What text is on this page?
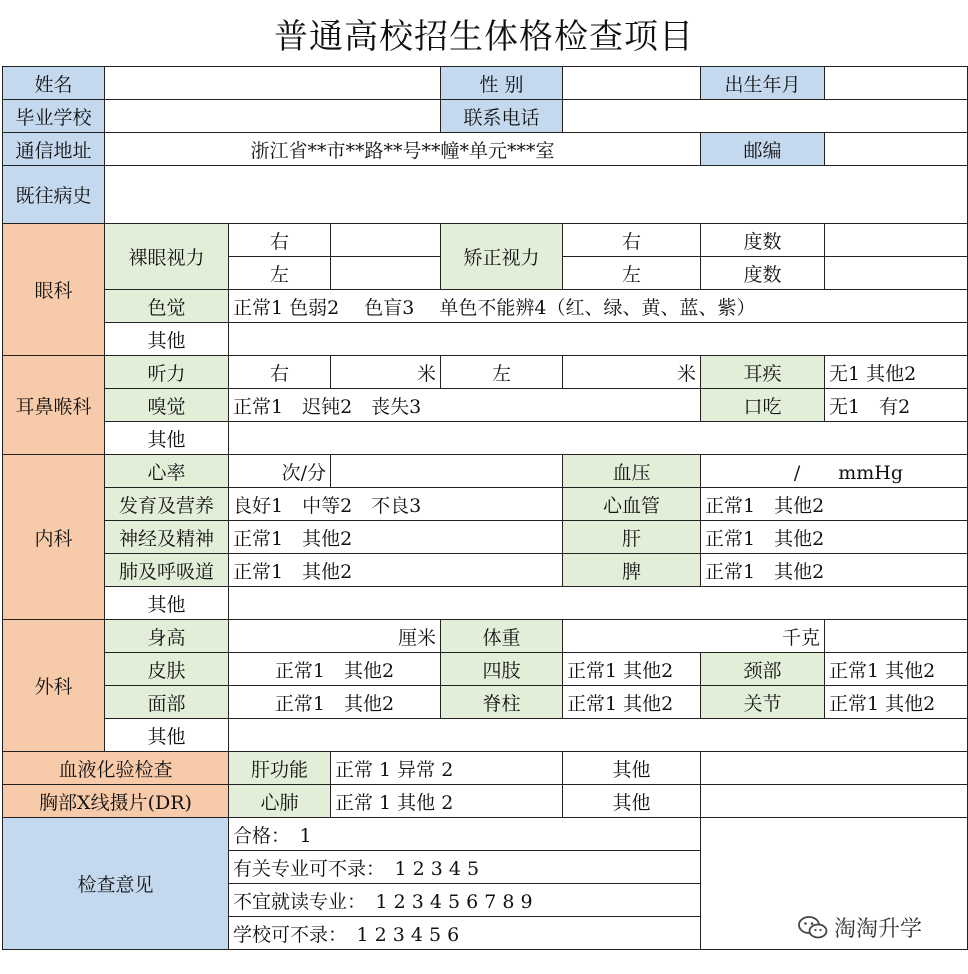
普通高校招生体格检查项目
姓名				性 别		出生年月	
毕业学校				联系电话			
通信地址	浙江省**市**路**号**幢*单元***室					邮编	
既往病史							
眼科	裸眼视力	右		矫正视力	右	度数	
		左			左	度数	
	色觉	正常1 色弱2　 色盲3　 单色不能辨4（红、绿、黄、蓝、紫）					
	其他						
耳鼻喉科	听力	右	米	左	米	耳疾	无1 其他2
	嗅觉	正常1　迟钝2　丧失3				口吃	无1　有2
	其他						
内科	心率	次/分			血压	/　　mmHg	
	发育及营养	良好1　中等2　不良3			心血管	正常1　其他2	
	神经及精神	正常1　其他2			肝	正常1　其他2	
	肺及呼吸道	正常1　其他2			脾	正常1　其他2	
	其他						
外科	身高	厘米		体重	千克		
	皮肤	正常1　其他2		四肢	正常1 其他2	颈部	正常1 其他2
	面部	正常1　其他2		脊柱	正常1 其他2	关节	正常1 其他2
	其他						
血液化验检查		肝功能	正常 1 异常 2		其他		
胸部X线摄片(DR)		心肺	正常 1 其他 2		其他		
检查意见		合格：　1					
		有关专业可不录：　1 2 3 4 5					
		不宜就读专业：　1 2 3 4 5 6 7 8 9					
		学校可不录：　1 2 3 4 5 6						淘淘升学
